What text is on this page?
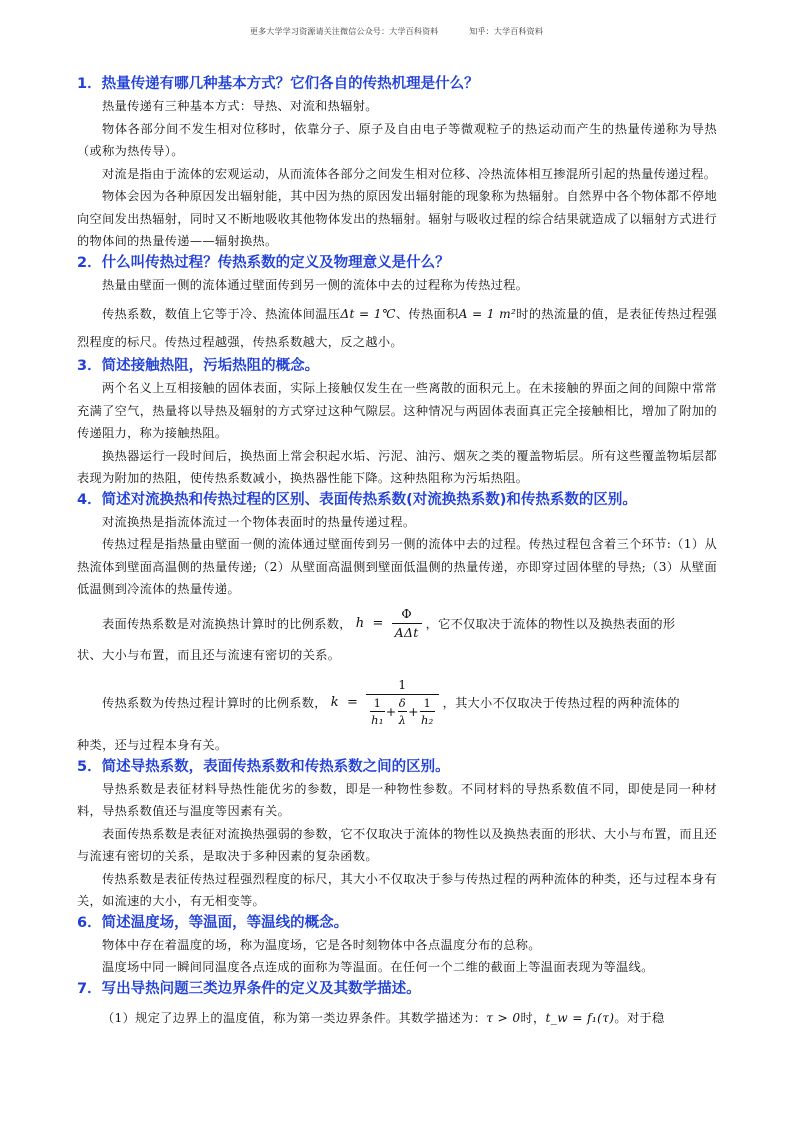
更多大学学习资源请关注微信公众号：大学百科资料	知乎：大学百科资料

1．热量传递有哪几种基本方式？它们各自的传热机理是什么？

热量传递有三种基本方式：导热、对流和热辐射。

物体各部分间不发生相对位移时，依靠分子、原子及自由电子等微观粒子的热运动而产生的热量传递称为导热（或称为热传导）。

对流是指由于流体的宏观运动，从而流体各部分之间发生相对位移、冷热流体相互掺混所引起的热量传递过程。

物体会因为各种原因发出辐射能，其中因为热的原因发出辐射能的现象称为热辐射。自然界中各个物体都不停地向空间发出热辐射，同时又不断地吸收其他物体发出的热辐射。辐射与吸收过程的综合结果就造成了以辐射方式进行的物体间的热量传递——辐射换热。

2．什么叫传热过程？传热系数的定义及物理意义是什么？

热量由壁面一侧的流体通过壁面传到另一侧的流体中去的过程称为传热过程。

传热系数，数值上它等于冷、热流体间温压Δt = 1℃、传热面积A = 1 m²时的热流量的值，是表征传热过程强烈程度的标尺。传热过程越强，传热系数越大，反之越小。

3．简述接触热阻，污垢热阻的概念。

两个名义上互相接触的固体表面，实际上接触仅发生在一些离散的面积元上。在未接触的界面之间的间隙中常常充满了空气，热量将以导热及辐射的方式穿过这种气隙层。这种情况与两固体表面真正完全接触相比，增加了附加的传递阻力，称为接触热阻。

换热器运行一段时间后，换热面上常会积起水垢、污泥、油污、烟灰之类的覆盖物垢层。所有这些覆盖物垢层都表现为附加的热阻，使传热系数减小，换热器性能下降。这种热阻称为污垢热阻。

4．简述对流换热和传热过程的区别、表面传热系数(对流换热系数)和传热系数的区别。

对流换热是指流体流过一个物体表面时的热量传递过程。

传热过程是指热量由壁面一侧的流体通过壁面传到另一侧的流体中去的过程。传热过程包含着三个环节:（1）从热流体到壁面高温侧的热量传递;（2）从壁面高温侧到壁面低温侧的热量传递，亦即穿过固体壁的导热;（3）从壁面低温侧到冷流体的热量传递。

表面传热系数是对流换热计算时的比例系数， $h = \frac{\Phi}{\text{AΔt}}$ ，它不仅取决于流体的物性以及换热表面的形

状、大小与布置，而且还与流速有密切的关系。

传热系数为传热过程计算时的比例系数， $k = \frac{1}{\frac{1}{\text{h₁}} + \frac{\delta}{\lambda} + \frac{1}{\text{h₂}}}$ ，其大小不仅取决于传热过程的两种流体的

种类，还与过程本身有关。

5．简述导热系数，表面传热系数和传热系数之间的区别。

导热系数是表征材料导热性能优劣的参数，即是一种物性参数。不同材料的导热系数值不同，即使是同一种材料，导热系数值还与温度等因素有关。

表面传热系数是表征对流换热强弱的参数，它不仅取决于流体的物性以及换热表面的形状、大小与布置，而且还与流速有密切的关系，是取决于多种因素的复杂函数。

传热系数是表征传热过程强烈程度的标尺，其大小不仅取决于参与传热过程的两种流体的种类，还与过程本身有关，如流速的大小，有无相变等。

6．简述温度场，等温面，等温线的概念。

物体中存在着温度的场，称为温度场，它是各时刻物体中各点温度分布的总称。

温度场中同一瞬间同温度各点连成的面称为等温面。在任何一个二维的截面上等温面表现为等温线。

7．写出导热问题三类边界条件的定义及其数学描述。

（1）规定了边界上的温度值，称为第一类边界条件。其数学描述为：τ > 0时，t_w = f₁(τ)。对于稳
